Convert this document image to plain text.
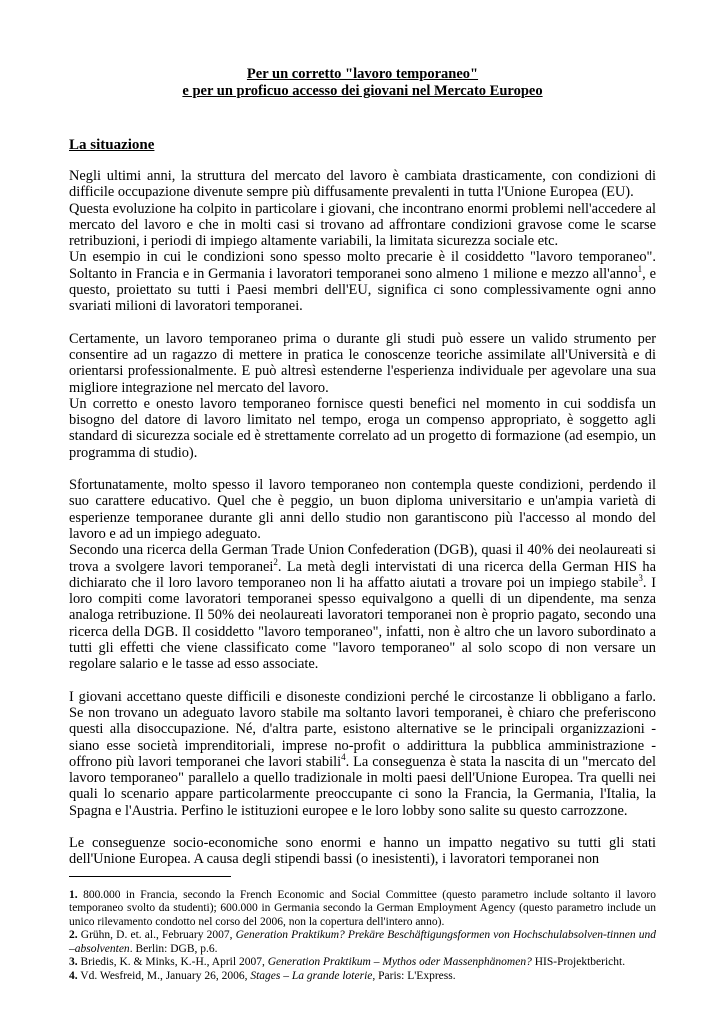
Per un corretto "lavoro temporaneo"
e per un proficuo accesso dei giovani nel Mercato Europeo
La situazione

Negli ultimi anni, la struttura del mercato del lavoro è cambiata drasticamente, con condizioni di difficile occupazione divenute sempre più diffusamente prevalenti in tutta l'Unione Europea (EU).

Questa evoluzione ha colpito in particolare i giovani, che incontrano enormi problemi nell'accedere al mercato del lavoro e che in molti casi si trovano ad affrontare condizioni gravose come le scarse retribuzioni, i periodi di impiego altamente variabili, la limitata sicurezza sociale etc.

Un esempio in cui le condizioni sono spesso molto precarie è il cosiddetto "lavoro temporaneo". Soltanto in Francia e in Germania i lavoratori temporanei sono almeno 1 milione e mezzo all'anno$^1$, e questo, proiettato su tutti i Paesi membri dell'EU, significa ci sono complessivamente ogni anno svariati milioni di lavoratori temporanei.

Certamente, un lavoro temporaneo prima o durante gli studi può essere un valido strumento per consentire ad un ragazzo di mettere in pratica le conoscenze teoriche assimilate all'Università e di orientarsi professionalmente. E può altresì estenderne l'esperienza individuale per agevolare una sua migliore integrazione nel mercato del lavoro.

Un corretto e onesto lavoro temporaneo fornisce questi benefici nel momento in cui soddisfa un bisogno del datore di lavoro limitato nel tempo, eroga un compenso appropriato, è soggetto agli standard di sicurezza sociale ed è strettamente correlato ad un progetto di formazione (ad esempio, un programma di studio).

Sfortunatamente, molto spesso il lavoro temporaneo non contempla queste condizioni, perdendo il suo carattere educativo. Quel che è peggio, un buon diploma universitario e un'ampia varietà di esperienze temporanee durante gli anni dello studio non garantiscono più l'accesso al mondo del lavoro e ad un impiego adeguato.

Secondo una ricerca della German Trade Union Confederation (DGB), quasi il 40% dei neolaureati si trova a svolgere lavori temporanei$^2$. La metà degli intervistati di una ricerca della German HIS ha dichiarato che il loro lavoro temporaneo non li ha affatto aiutati a trovare poi un impiego stabile$^3$. I loro compiti come lavoratori temporanei spesso equivalgono a quelli di un dipendente, ma senza analoga retribuzione. Il 50% dei neolaureati lavoratori temporanei non è proprio pagato, secondo una ricerca della DGB. Il cosiddetto "lavoro temporaneo", infatti, non è altro che un lavoro subordinato a tutti gli effetti che viene classificato come "lavoro temporaneo" al solo scopo di non versare un regolare salario e le tasse ad esso associate.

I giovani accettano queste difficili e disoneste condizioni perché le circostanze li obbligano a farlo. Se non trovano un adeguato lavoro stabile ma soltanto lavori temporanei, è chiaro che preferiscono questi alla disoccupazione. Né, d'altra parte, esistono alternative se le principali organizzazioni - siano esse società imprenditoriali, imprese no-profit o addirittura la pubblica amministrazione - offrono più lavori temporanei che lavori stabili$^4$. La conseguenza è stata la nascita di un "mercato del lavoro temporaneo" parallelo a quello tradizionale in molti paesi dell'Unione Europea. Tra quelli nei quali lo scenario appare particolarmente preoccupante ci sono la Francia, la Germania, l'Italia, la Spagna e l'Austria. Perfino le istituzioni europee e le loro lobby sono salite su questo carrozzone.

Le conseguenze socio-economiche sono enormi e hanno un impatto negativo su tutti gli stati dell'Unione Europea. A causa degli stipendi bassi (o inesistenti), i lavoratori temporanei non

1. 800.000 in Francia, secondo la French Economic and Social Committee (questo parametro include soltanto il lavoro temporaneo svolto da studenti); 600.000 in Germania secondo la German Employment Agency (questo parametro include un unico rilevamento condotto nel corso del 2006, non la copertura dell'intero anno).

2. Grühn, D. et. al., February 2007, Generation Praktikum? Prekäre Beschäftigungsformen von Hochschulabsolven-tinnen und –absolventen. Berlin: DGB, p.6.

3. Briedis, K. & Minks, K.-H., April 2007, Generation Praktikum – Mythos oder Massenphänomen? HIS-Projektbericht.

4. Vd. Wesfreid, M., January 26, 2006, Stages – La grande loterie, Paris: L'Express.
